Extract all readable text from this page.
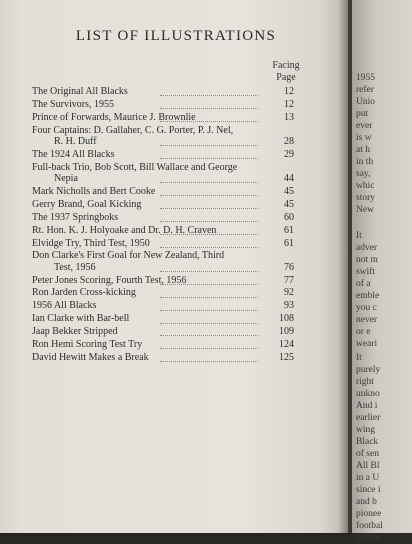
LIST OF ILLUSTRATIONS
Facing
Page
The Original All Blacks	12
The Survivors, 1955	12
Prince of Forwards, Maurice J. Brownlie	13
Four Captains: D. Gallaher, C. G. Porter, P. J. Nel,
R. H. Duff	28
The 1924 All Blacks	29
Full-back Trio, Bob Scott, Bill Wallace and George
Nepia	44
Mark Nicholls and Bert Cooke	45
Gerry Brand, Goal Kicking	45
The 1937 Springboks	60
Rt. Hon. K. J. Holyoake and Dr. D. H. Craven	61
Elvidge Try, Third Test, 1950	61
Don Clarke's First Goal for New Zealand, Third
Test, 1956	76
Peter Jones Scoring, Fourth Test, 1956	77
Ron Jarden Cross-kicking	92
1956 All Blacks	93
Ian Clarke with Bar-bell	108
Jaap Bekker Stripped	109
Ron Hemi Scoring Test Try	124
David Hewitt Makes a Break	125
1955
refer
Unio
put
ever
is w
at h
in th
say,
whic
story
New
It
adver
not m
swift
of a
emble
you c
never
or e
weari
It
purely
right
unkno
And i
earlier
wing
Black
of sen
All Bl
in a U
since i
and b
pionee
footbal
confor
